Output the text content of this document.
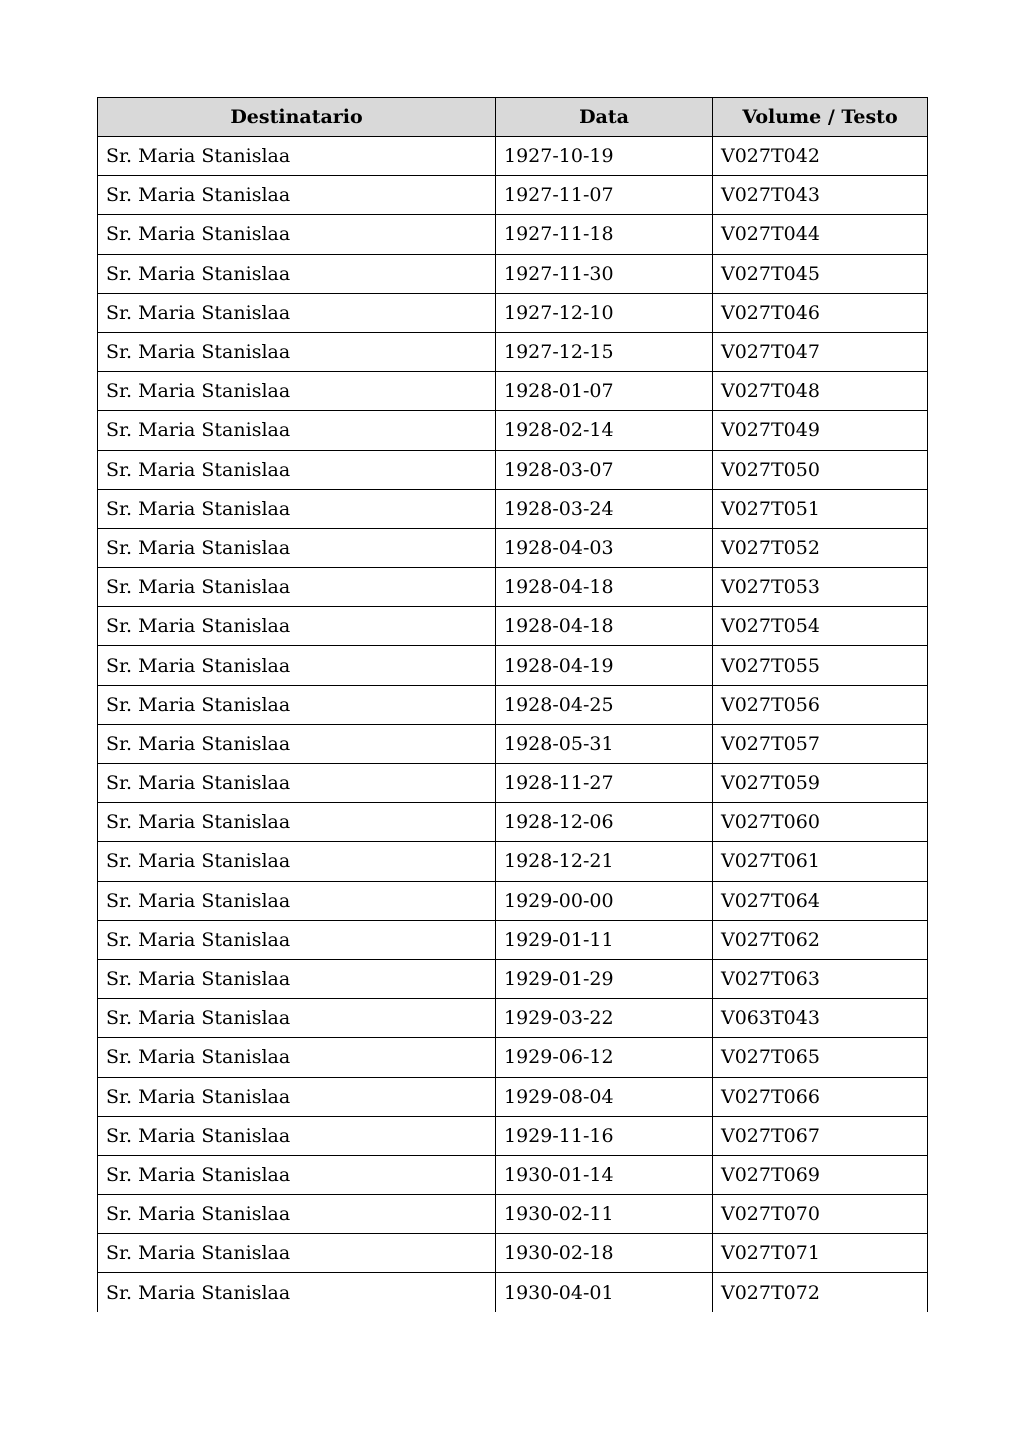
Destinatario	Data	Volume / Testo
Sr. Maria Stanislaa	1927-10-19	V027T042
Sr. Maria Stanislaa	1927-11-07	V027T043
Sr. Maria Stanislaa	1927-11-18	V027T044
Sr. Maria Stanislaa	1927-11-30	V027T045
Sr. Maria Stanislaa	1927-12-10	V027T046
Sr. Maria Stanislaa	1927-12-15	V027T047
Sr. Maria Stanislaa	1928-01-07	V027T048
Sr. Maria Stanislaa	1928-02-14	V027T049
Sr. Maria Stanislaa	1928-03-07	V027T050
Sr. Maria Stanislaa	1928-03-24	V027T051
Sr. Maria Stanislaa	1928-04-03	V027T052
Sr. Maria Stanislaa	1928-04-18	V027T053
Sr. Maria Stanislaa	1928-04-18	V027T054
Sr. Maria Stanislaa	1928-04-19	V027T055
Sr. Maria Stanislaa	1928-04-25	V027T056
Sr. Maria Stanislaa	1928-05-31	V027T057
Sr. Maria Stanislaa	1928-11-27	V027T059
Sr. Maria Stanislaa	1928-12-06	V027T060
Sr. Maria Stanislaa	1928-12-21	V027T061
Sr. Maria Stanislaa	1929-00-00	V027T064
Sr. Maria Stanislaa	1929-01-11	V027T062
Sr. Maria Stanislaa	1929-01-29	V027T063
Sr. Maria Stanislaa	1929-03-22	V063T043
Sr. Maria Stanislaa	1929-06-12	V027T065
Sr. Maria Stanislaa	1929-08-04	V027T066
Sr. Maria Stanislaa	1929-11-16	V027T067
Sr. Maria Stanislaa	1930-01-14	V027T069
Sr. Maria Stanislaa	1930-02-11	V027T070
Sr. Maria Stanislaa	1930-02-18	V027T071
Sr. Maria Stanislaa	1930-04-01	V027T072
